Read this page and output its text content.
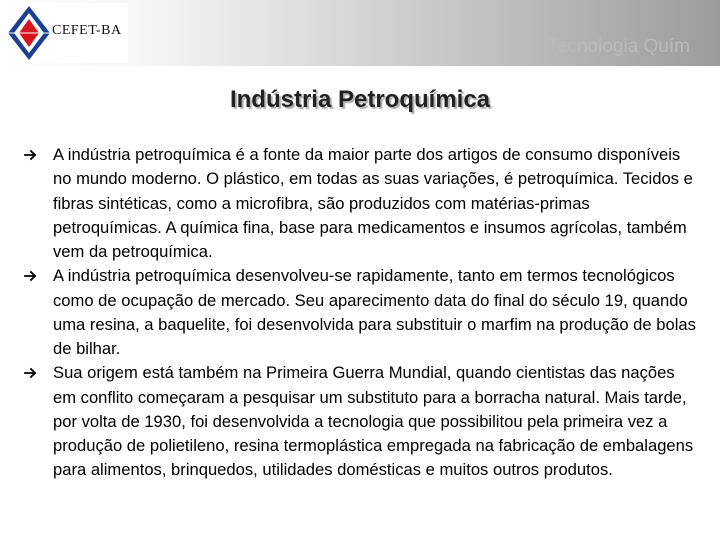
CEFET-BA
Tecnologia Quím
Indústria Petroquímica
A indústria petroquímica é a fonte da maior parte dos artigos de consumo disponíveis no mundo moderno. O plástico, em todas as suas variações, é petroquímica. Tecidos e fibras sintéticas, como a microfibra, são produzidos com matérias-primas petroquímicas. A química fina, base para medicamentos e insumos agrícolas, também vem da petroquímica.
A indústria petroquímica desenvolveu-se rapidamente, tanto em termos tecnológicos como de ocupação de mercado. Seu aparecimento data do final do século 19, quando uma resina, a baquelite, foi desenvolvida para substituir o marfim na produção de bolas de bilhar.
Sua origem está também na Primeira Guerra Mundial, quando cientistas das nações em conflito começaram a pesquisar um substituto para a borracha natural. Mais tarde, por volta de 1930, foi desenvolvida a tecnologia que possibilitou pela primeira vez a produção de polietileno, resina termoplástica empregada na fabricação de embalagens para alimentos, brinquedos, utilidades domésticas e muitos outros produtos.
